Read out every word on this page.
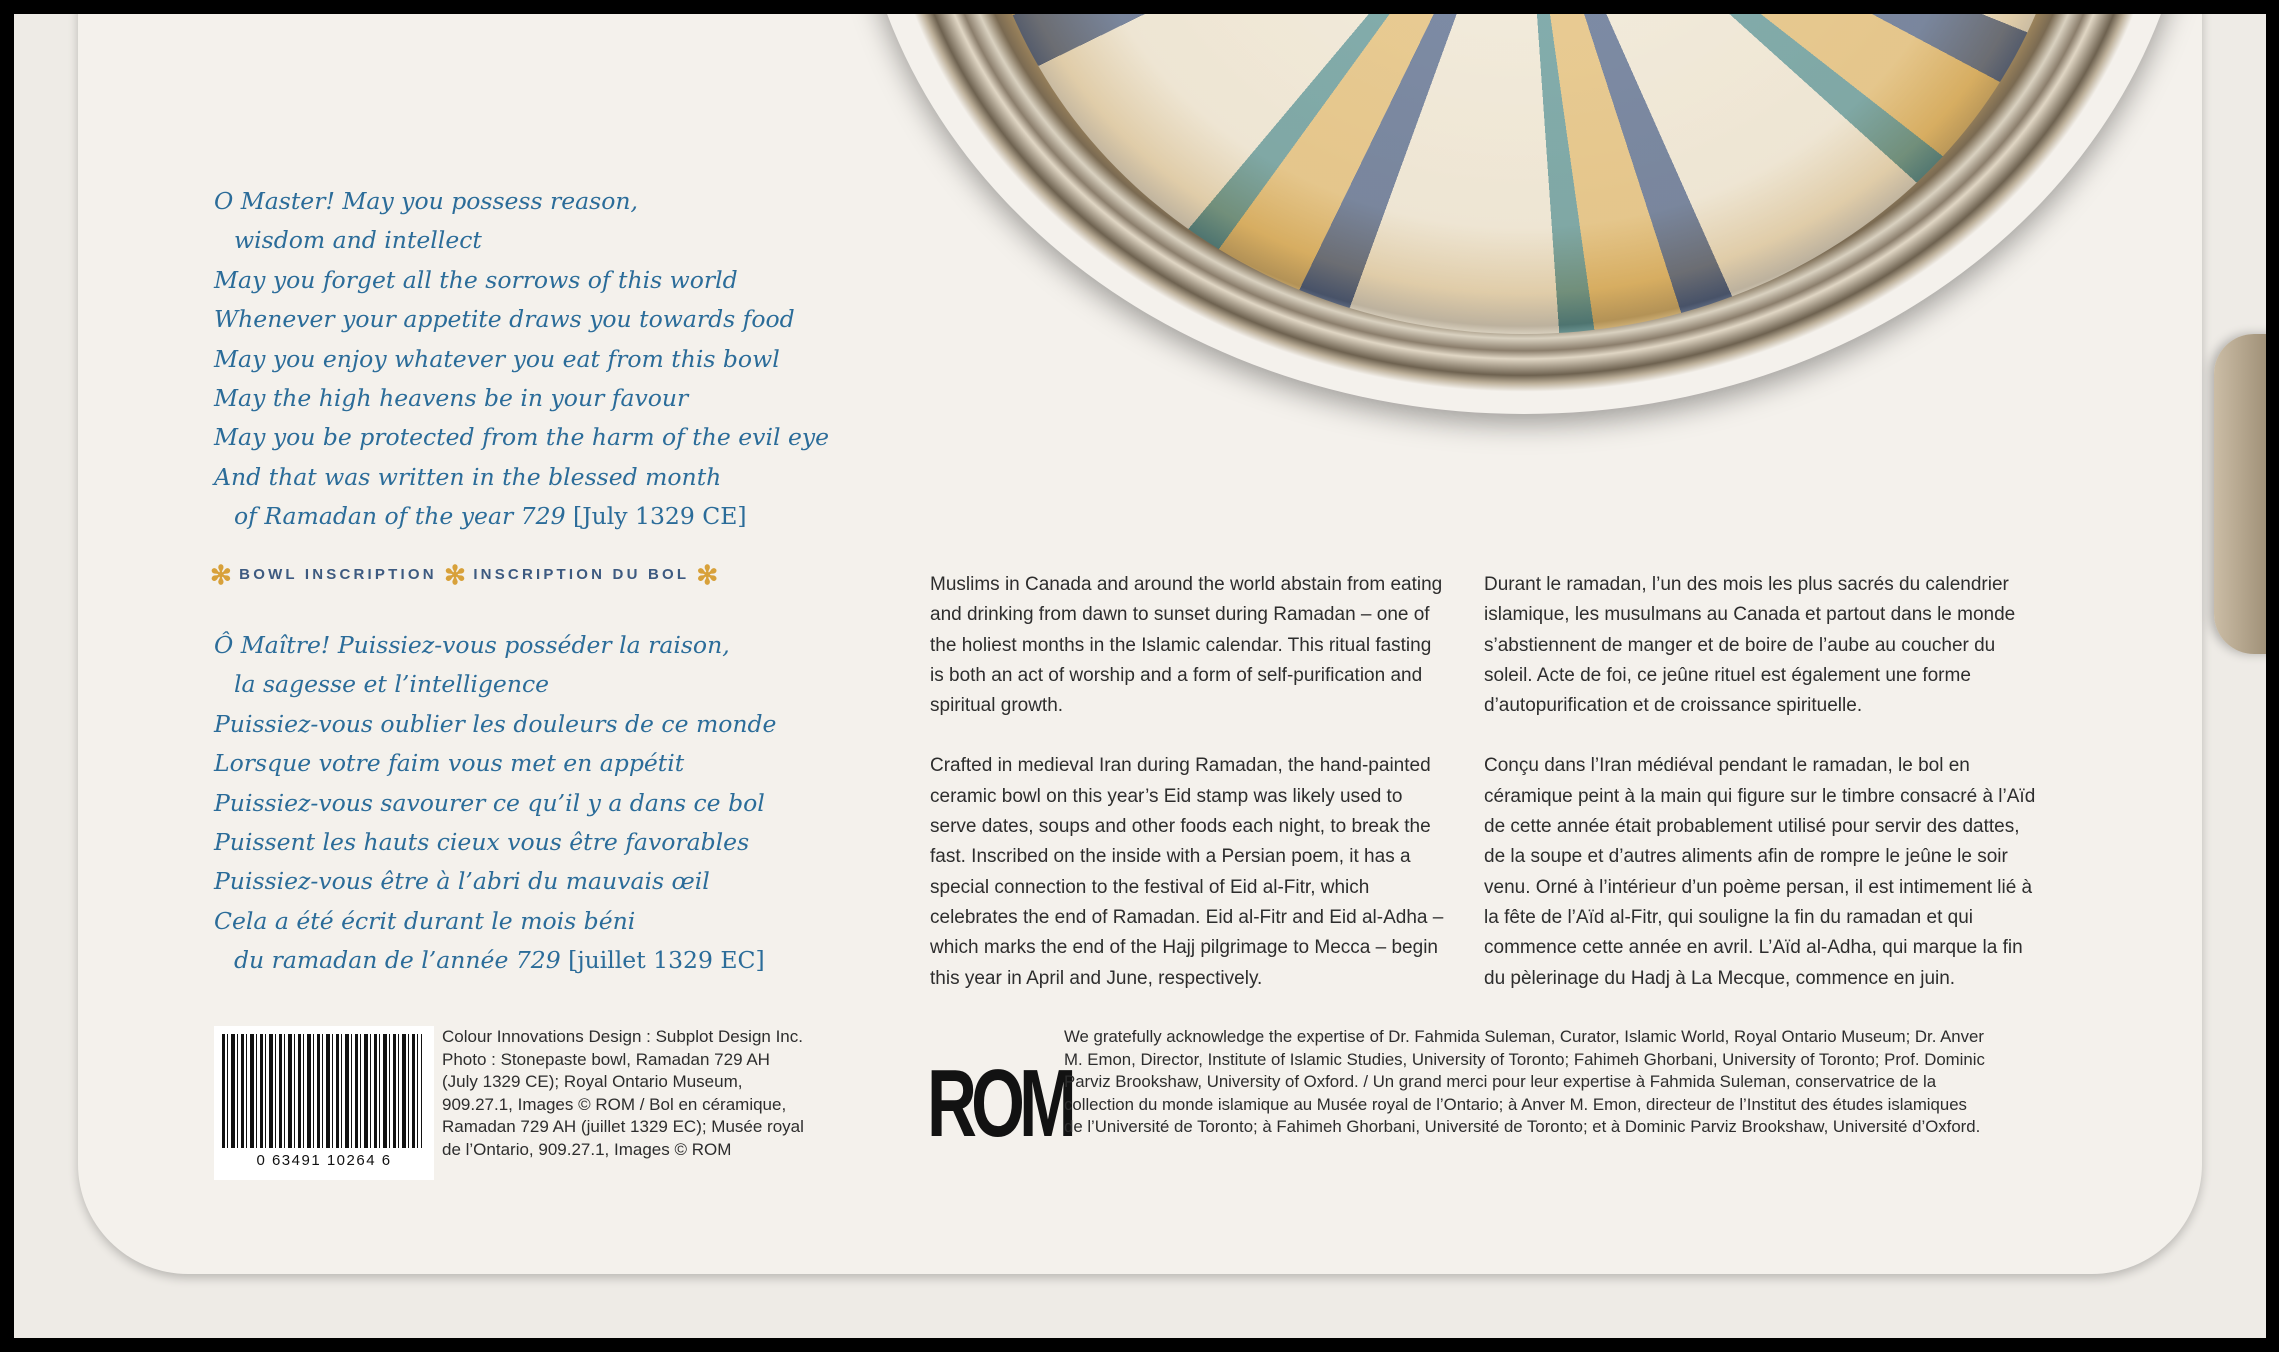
O Master! May you possess reason,
wisdom and intellect
May you forget all the sorrows of this world
Whenever your appetite draws you towards food
May you enjoy whatever you eat from this bowl
May the high heavens be in your favour
May you be protected from the harm of the evil eye
And that was written in the blessed month
of Ramadan of the year 729 [July 1329 CE]
✻ BOWL INSCRIPTION ✻ INSCRIPTION DU BOL ✻
Ô Maître! Puissiez-vous posséder la raison,
la sagesse et l’intelligence
Puissiez-vous oublier les douleurs de ce monde
Lorsque votre faim vous met en appétit
Puissiez-vous savourer ce qu’il y a dans ce bol
Puissent les hauts cieux vous être favorables
Puissiez-vous être à l’abri du mauvais œil
Cela a été écrit durant le mois béni
du ramadan de l’année 729 [juillet 1329 EC]

Muslims in Canada and around the world abstain from eating and drinking from dawn to sunset during Ramadan – one of the holiest months in the Islamic calendar. This ritual fasting is both an act of worship and a form of self-purification and spiritual growth.

Crafted in medieval Iran during Ramadan, the hand-painted ceramic bowl on this year’s Eid stamp was likely used to serve dates, soups and other foods each night, to break the fast. Inscribed on the inside with a Persian poem, it has a special connection to the festival of Eid al-Fitr, which celebrates the end of Ramadan. Eid al-Fitr and Eid al-Adha – which marks the end of the Hajj pilgrimage to Mecca – begin this year in April and June, respectively.

Durant le ramadan, l’un des mois les plus sacrés du calendrier islamique, les musulmans au Canada et partout dans le monde s’abstiennent de manger et de boire de l’aube au coucher du soleil. Acte de foi, ce jeûne rituel est également une forme d’autopurification et de croissance spirituelle.

Conçu dans l’Iran médiéval pendant le ramadan, le bol en céramique peint à la main qui figure sur le timbre consacré à l’Aïd de cette année était probablement utilisé pour servir des dattes, de la soupe et d’autres aliments afin de rompre le jeûne le soir venu. Orné à l’intérieur d’un poème persan, il est intimement lié à la fête de l’Aïd al-Fitr, qui souligne la fin du ramadan et qui commence cette année en avril. L’Aïd al-Adha, qui marque la fin du pèlerinage du Hadj à La Mecque, commence en juin.

0 63491 10264 6
Colour Innovations Design : Subplot Design Inc.
Photo : Stonepaste bowl, Ramadan 729 AH
(July 1329 CE); Royal Ontario Museum,
909.27.1, Images © ROM / Bol en céramique,
Ramadan 729 AH (juillet 1329 EC); Musée royal
de l’Ontario, 909.27.1, Images © ROM	ROM
We gratefully acknowledge the expertise of Dr. Fahmida Suleman, Curator, Islamic World, Royal Ontario Museum; Dr. Anver
M. Emon, Director, Institute of Islamic Studies, University of Toronto; Fahimeh Ghorbani, University of Toronto; Prof. Dominic
Parviz Brookshaw, University of Oxford. / Un grand merci pour leur expertise à Fahmida Suleman, conservatrice de la
collection du monde islamique au Musée royal de l’Ontario; à Anver M. Emon, directeur de l’Institut des études islamiques
de l’Université de Toronto; à Fahimeh Ghorbani, Université de Toronto; et à Dominic Parviz Brookshaw, Université d’Oxford.
